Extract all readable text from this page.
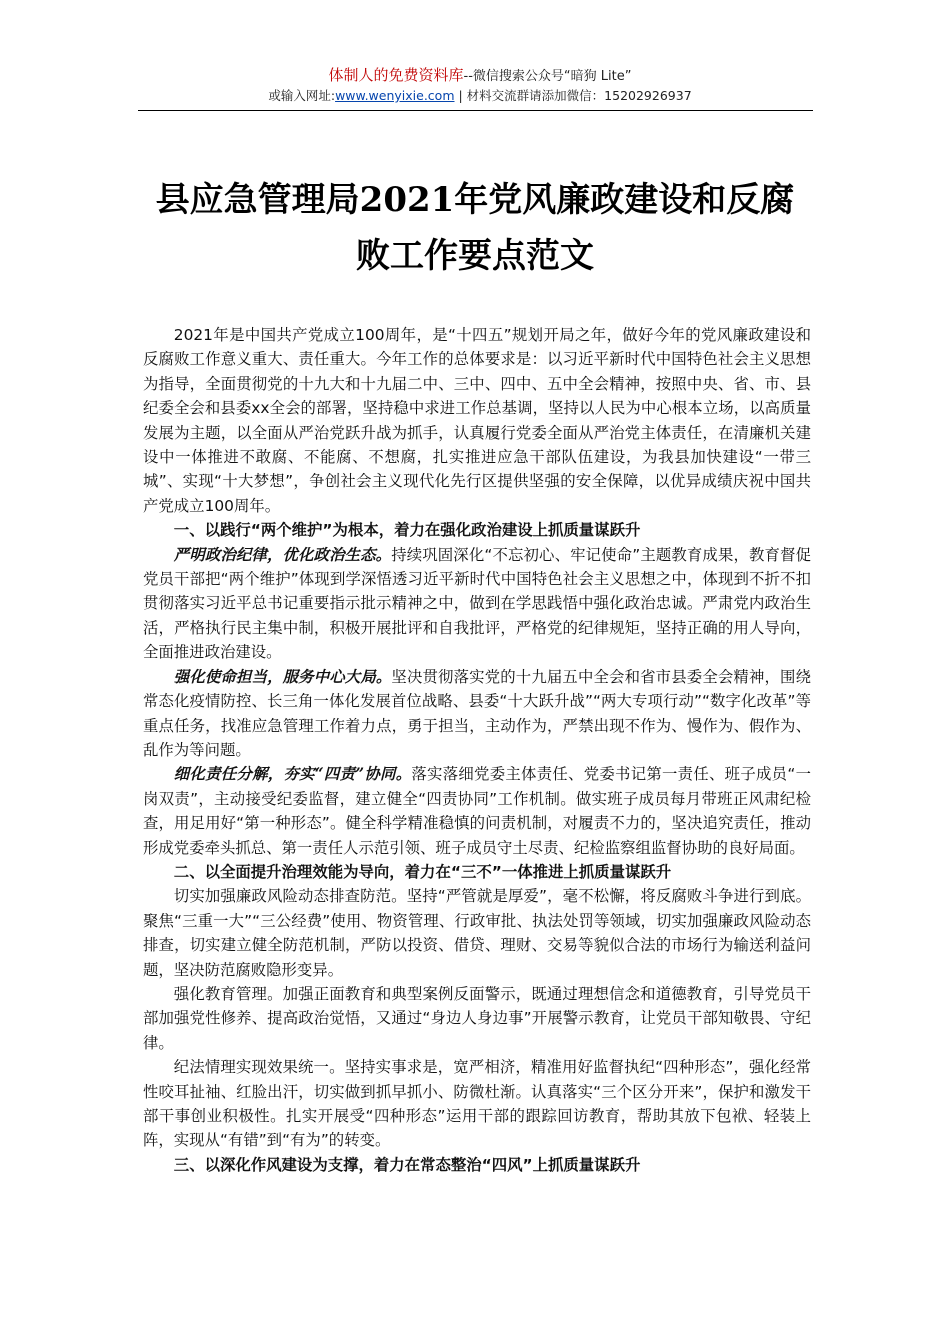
体制人的免费资料库--微信搜索公众号“暗狗 Lite”
或输入网址:www.wenyixie.com | 材料交流群请添加微信：15202926937
县应急管理局2021年党风廉政建设和反腐
败工作要点范文

2021年是中国共产党成立100周年，是“十四五”规划开局之年，做好今年的党风廉政建设和反腐败工作意义重大、责任重大。今年工作的总体要求是：以习近平新时代中国特色社会主义思想为指导，全面贯彻党的十九大和十九届二中、三中、四中、五中全会精神，按照中央、省、市、县纪委全会和县委xx全会的部署，坚持稳中求进工作总基调，坚持以人民为中心根本立场，以高质量发展为主题，以全面从严治党跃升战为抓手，认真履行党委全面从严治党主体责任，在清廉机关建设中一体推进不敢腐、不能腐、不想腐，扎实推进应急干部队伍建设，为我县加快建设“一带三城”、实现“十大梦想”，争创社会主义现代化先行区提供坚强的安全保障，以优异成绩庆祝中国共产党成立100周年。

一、以践行“两个维护”为根本，着力在强化政治建设上抓质量谋跃升

严明政治纪律，优化政治生态。持续巩固深化“不忘初心、牢记使命”主题教育成果，教育督促党员干部把“两个维护”体现到学深悟透习近平新时代中国特色社会主义思想之中，体现到不折不扣贯彻落实习近平总书记重要指示批示精神之中，做到在学思践悟中强化政治忠诚。严肃党内政治生活，严格执行民主集中制，积极开展批评和自我批评，严格党的纪律规矩，坚持正确的用人导向，全面推进政治建设。

强化使命担当，服务中心大局。坚决贯彻落实党的十九届五中全会和省市县委全会精神，围绕常态化疫情防控、长三角一体化发展首位战略、县委“十大跃升战”“两大专项行动”“数字化改革”等重点任务，找准应急管理工作着力点，勇于担当，主动作为，严禁出现不作为、慢作为、假作为、乱作为等问题。

细化责任分解，夯实“四责”协同。落实落细党委主体责任、党委书记第一责任、班子成员“一岗双责”，主动接受纪委监督，建立健全“四责协同”工作机制。做实班子成员每月带班正风肃纪检查，用足用好“第一种形态”。健全科学精准稳慎的问责机制，对履责不力的，坚决追究责任，推动形成党委牵头抓总、第一责任人示范引领、班子成员守土尽责、纪检监察组监督协助的良好局面。

二、以全面提升治理效能为导向，着力在“三不”一体推进上抓质量谋跃升

切实加强廉政风险动态排查防范。坚持“严管就是厚爱”，毫不松懈，将反腐败斗争进行到底。聚焦“三重一大”“三公经费”使用、物资管理、行政审批、执法处罚等领域，切实加强廉政风险动态排查，切实建立健全防范机制，严防以投资、借贷、理财、交易等貌似合法的市场行为输送利益问题，坚决防范腐败隐形变异。

强化教育管理。加强正面教育和典型案例反面警示，既通过理想信念和道德教育，引导党员干部加强党性修养、提高政治觉悟，又通过“身边人身边事”开展警示教育，让党员干部知敬畏、守纪律。

纪法情理实现效果统一。坚持实事求是，宽严相济，精准用好监督执纪“四种形态”，强化经常性咬耳扯袖、红脸出汗，切实做到抓早抓小、防微杜渐。认真落实“三个区分开来”，保护和激发干部干事创业积极性。扎实开展受“四种形态”运用干部的跟踪回访教育，帮助其放下包袱、轻装上阵，实现从“有错”到“有为”的转变。

三、以深化作风建设为支撑，着力在常态整治“四风”上抓质量谋跃升
